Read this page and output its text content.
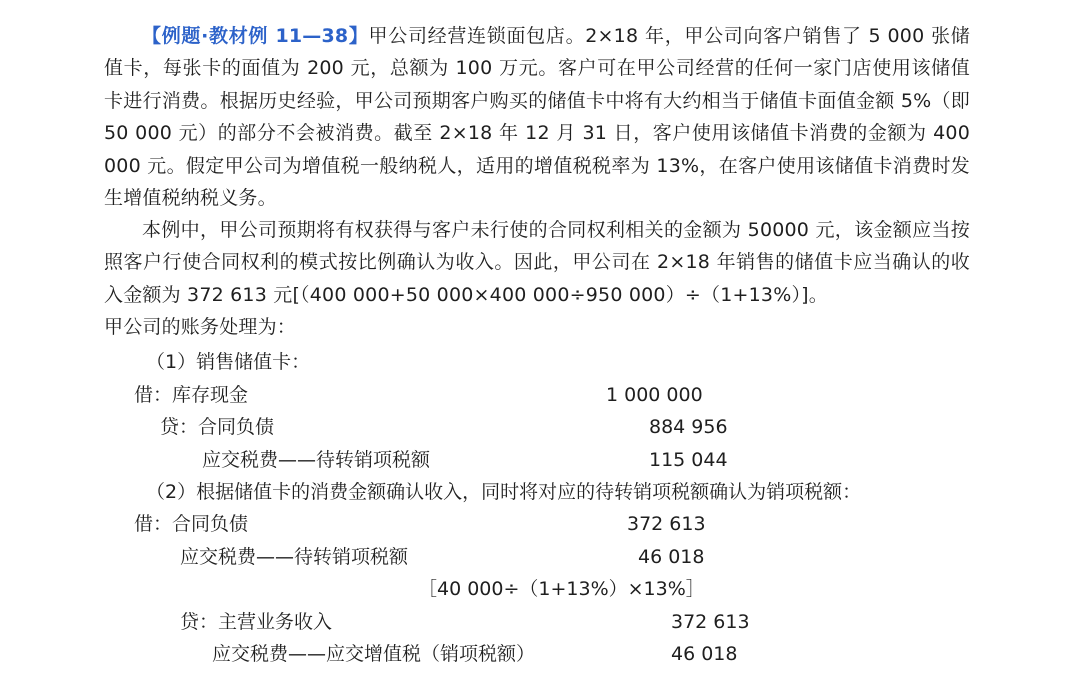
【例题·教材例 11—38】甲公司经营连锁面包店。2×18 年，甲公司向客户销售了 5 000 张储值卡，每张卡的面值为 200 元，总额为 100 万元。客户可在甲公司经营的任何一家门店使用该储值卡进行消费。根据历史经验，甲公司预期客户购买的储值卡中将有大约相当于储值卡面值金额 5%（即 50 000 元）的部分不会被消费。截至 2×18 年 12 月 31 日，客户使用该储值卡消费的金额为 400 000 元。假定甲公司为增值税一般纳税人，适用的增值税税率为 13%，在客户使用该储值卡消费时发生增值税纳税义务。

本例中，甲公司预期将有权获得与客户未行使的合同权利相关的金额为 50000 元，该金额应当按照客户行使合同权利的模式按比例确认为收入。因此，甲公司在 2×18 年销售的储值卡应当确认的收入金额为 372 613 元[（400 000+50 000×400 000÷950 000）÷（1+13%）]。

甲公司的账务处理为：

（1）销售储值卡：

借：库存现金	1 000 000

贷：合同负债	884 956

应交税费——待转销项税额	115 044

（2）根据储值卡的消费金额确认收入，同时将对应的待转销项税额确认为销项税额：

借：合同负债	372 613

应交税费——待转销项税额	46 018

［40 000÷（1+13%）×13%］

贷：主营业务收入	372 613

应交税费——应交增值税（销项税额）	46 018
